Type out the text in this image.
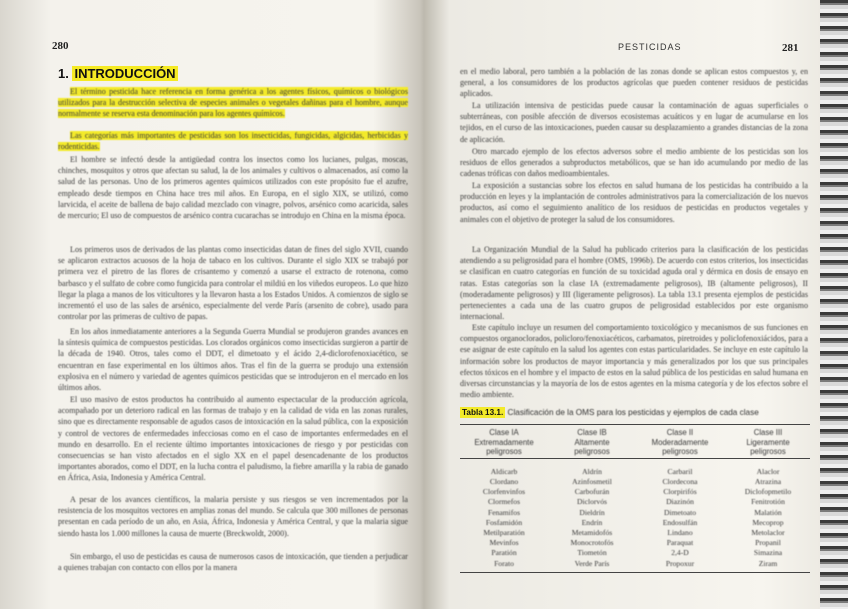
280
1. INTRODUCCIÓN

El término pesticida hace referencia en forma genérica a los agentes físicos, químicos o biológicos utilizados para la destrucción selectiva de especies animales o vegetales dañinas para el hombre, aunque normalmente se reserva esta denominación para los agentes químicos.

Las categorías más importantes de pesticidas son los insecticidas, fungicidas, algicidas, herbicidas y rodenticidas.

El hombre se infectó desde la antigüedad contra los insectos como los lucianes, pulgas, moscas, chinches, mosquitos y otros que afectan su salud, la de los animales y cultivos o almacenados, así como la salud de las personas. Uno de los primeros agentes químicos utilizados con este propósito fue el azufre, empleado desde tiempos en China hace tres mil años. En Europa, en el siglo XIX, se utilizó, como larvicida, el aceite de ballena de bajo calidad mezclado con vinagre, polvos, arsénico como acaricida, sales de mercurio; El uso de compuestos de arsénico contra cucarachas se introdujo en China en la misma época.

Los primeros usos de derivados de las plantas como insecticidas datan de fines del siglo XVII, cuando se aplicaron extractos acuosos de la hoja de tabaco en los cultivos. Durante el siglo XIX se trabajó por primera vez el piretro de las flores de crisantemo y comenzó a usarse el extracto de rotenona, como barbasco y el sulfato de cobre como fungicida para controlar el mildiú en los viñedos europeos. Lo que hizo llegar la plaga a manos de los viticultores y la llevaron hasta a los Estados Unidos. A comienzos de siglo se incrementó el uso de las sales de arsénico, especialmente del verde París (arsenito de cobre), usado para controlar por las primeras de cultivo de papas.

En los años inmediatamente anteriores a la Segunda Guerra Mundial se produjeron grandes avances en la síntesis química de compuestos pesticidas. Los clorados orgánicos como insecticidas surgieron a partir de la década de 1940. Otros, tales como el DDT, el dimetoato y el ácido 2,4-diclorofenoxiacético, se encuentran en fase experimental en los últimos años. Tras el fin de la guerra se produjo una extensión explosiva en el número y variedad de agentes químicos pesticidas que se introdujeron en el mercado en los últimos años.

El uso masivo de estos productos ha contribuido al aumento espectacular de la producción agrícola, acompañado por un deterioro radical en las formas de trabajo y en la calidad de vida en las zonas rurales, sino que es directamente responsable de agudos casos de intoxicación en la salud pública, con la exposición y control de vectores de enfermedades infecciosas como en el caso de importantes enfermedades en el mundo en desarrollo. En el reciente último importantes intoxicaciones de riesgo y por pesticidas con consecuencias se han visto afectados en el siglo XX en el papel desencadenante de los productos importantes aborados, como el DDT, en la lucha contra el paludismo, la fiebre amarilla y la rabia de ganado en África, Asia, Indonesia y América Central.

A pesar de los avances científicos, la malaria persiste y sus riesgos se ven incrementados por la resistencia de los mosquitos vectores en amplias zonas del mundo. Se calcula que 300 millones de personas presentan en cada período de un año, en Asia, África, Indonesia y América Central, y que la malaria sigue siendo hasta los 1.000 millones la causa de muerte (Breckwoldt, 2000).

Sin embargo, el uso de pesticidas es causa de numerosos casos de intoxicación, que tienden a perjudicar a quienes trabajan con contacto con ellos por la manera

PESTICIDAS	281

en el medio laboral, pero también a la población de las zonas donde se aplican estos compuestos y, en general, a los consumidores de los productos agrícolas que pueden contener residuos de pesticidas aplicados.

La utilización intensiva de pesticidas puede causar la contaminación de aguas superficiales o subterráneas, con posible afección de diversos ecosistemas acuáticos y en lugar de acumularse en los tejidos, en el curso de las intoxicaciones, pueden causar su desplazamiento a grandes distancias de la zona de aplicación.

Otro marcado ejemplo de los efectos adversos sobre el medio ambiente de los pesticidas son los residuos de ellos generados a subproductos metabólicos, que se han ido acumulando por medio de las cadenas tróficas con daños medioambientales.

La exposición a sustancias sobre los efectos en salud humana de los pesticidas ha contribuido a la producción en leyes y la implantación de controles administrativos para la comercialización de los nuevos productos, así como el seguimiento analítico de los residuos de pesticidas en productos vegetales y animales con el objetivo de proteger la salud de los consumidores.

La Organización Mundial de la Salud ha publicado criterios para la clasificación de los pesticidas atendiendo a su peligrosidad para el hombre (OMS, 1996b). De acuerdo con estos criterios, los insecticidas se clasifican en cuatro categorías en función de su toxicidad aguda oral y dérmica en dosis de ensayo en ratas. Estas categorías son la clase IA (extremadamente peligrosos), IB (altamente peligrosos), II (moderadamente peligrosos) y III (ligeramente peligrosos). La tabla 13.1 presenta ejemplos de pesticidas pertenecientes a cada una de las cuatro grupos de peligrosidad establecidos por este organismo internacional.

Este capítulo incluye un resumen del comportamiento toxicológico y mecanismos de sus funciones en compuestos organoclorados, policloro/fenoxiacéticos, carbamatos, piretroides y policlofenoxiácidos, para a ese asignar de este capítulo en la salud los agentes con estas particularidades. Se incluye en este capítulo la información sobre los productos de mayor importancia y más generalizados por los que sus principales efectos tóxicos en el hombre y el impacto de estos en la salud pública de los pesticidas en salud humana en diversas circunstancias y la mayoría de los de estos agentes en la misma categoría y de los efectos sobre el medio ambiente.

Tabla 13.1. Clasificación de la OMS para los pesticidas y ejemplos de cada clase
Clase IA
Extremadamente
peligrosos
Aldicarb
Clordano
Clorfenvinfos
Clormefos
Fenamifos
Fosfamidón
Metilparatión
Mevinfos
Paratión
Forato
Clase IB
Altamente
peligrosos
Aldrín
Azinfosmetil
Carbofurán
Diclorvós
Dieldrín
Endrín
Metamidofós
Monocrotofós
Tiometón
Verde París
Clase II
Moderadamente
peligrosos
Carbaril
Clordecona
Clorpirifós
Diazinón
Dimetoato
Endosulfán
Lindano
Paraquat
2,4-D
Propoxur
Clase III
Ligeramente
peligrosos
Alaclor
Atrazina
Diclofopmetilo
Fenitrotión
Malatión
Mecoprop
Metolaclor
Propanil
Simazina
Ziram
